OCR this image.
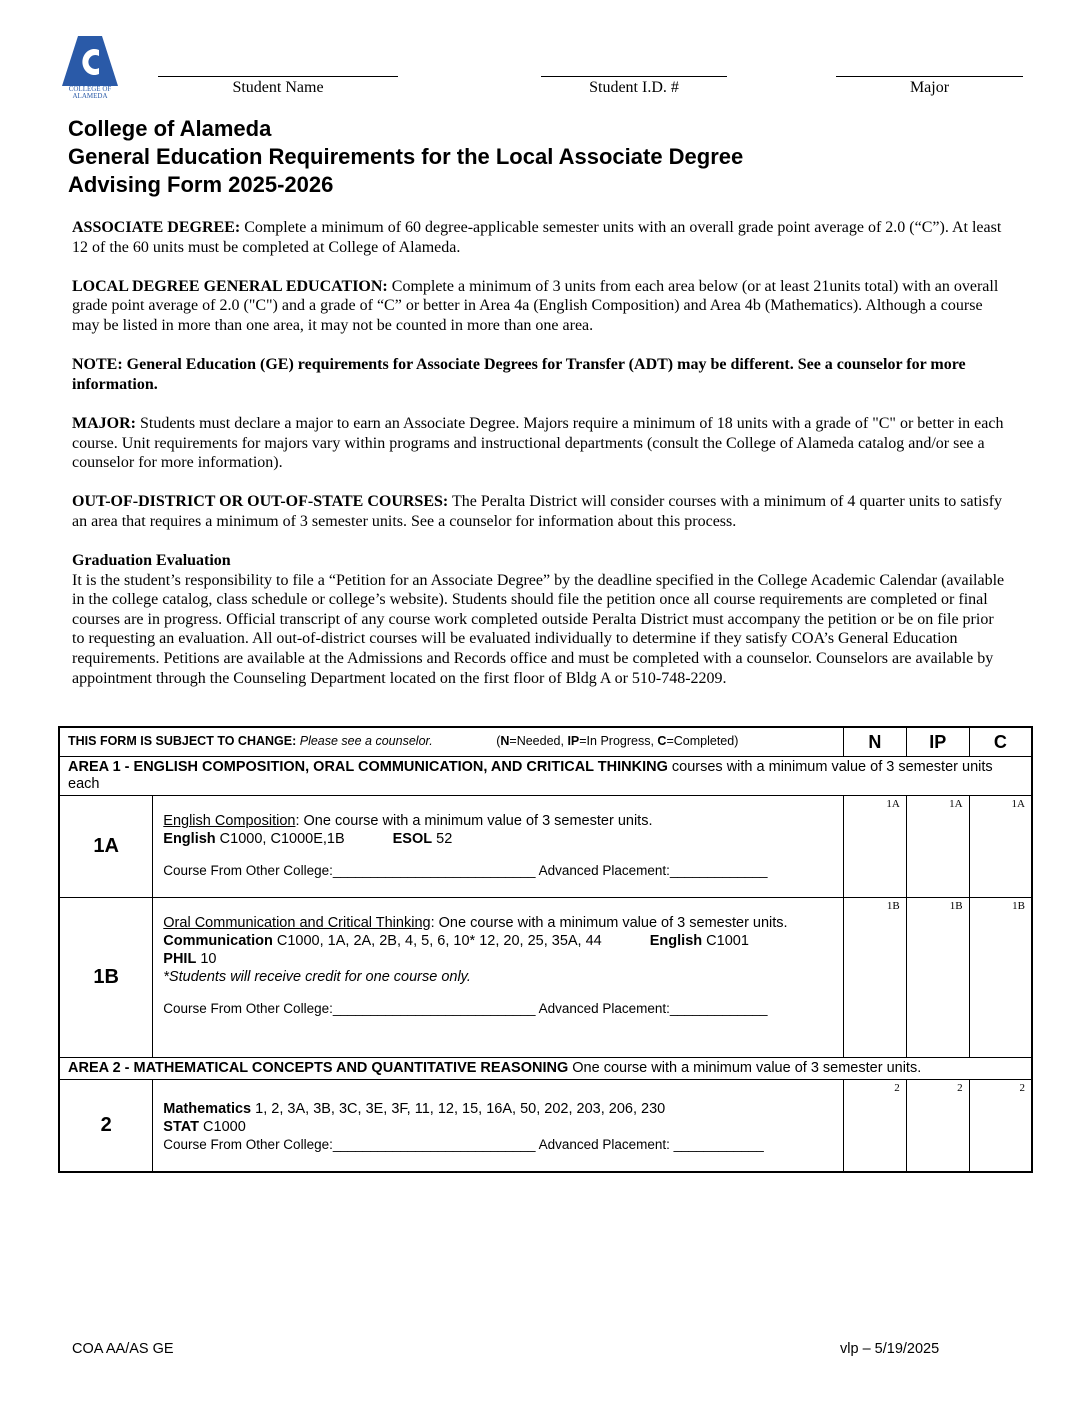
COLLEGE OF
ALAMEDA	Student Name	Student I.D. #	Major
College of Alameda
General Education Requirements for the Local Associate Degree
Advising Form 2025-2026

ASSOCIATE DEGREE: Complete a minimum of 60 degree-applicable semester units with an overall grade point average of 2.0 (“C”). At least 12 of the 60 units must be completed at College of Alameda.

LOCAL DEGREE GENERAL EDUCATION: Complete a minimum of 3 units from each area below (or at least 21units total) with an overall grade point average of 2.0 ("C") and a grade of “C” or better in Area 4a (English Composition) and Area 4b (Mathematics). Although a course may be listed in more than one area, it may not be counted in more than one area.

NOTE: General Education (GE) requirements for Associate Degrees for Transfer (ADT) may be different. See a counselor for more information.

MAJOR: Students must declare a major to earn an Associate Degree. Majors require a minimum of 18 units with a grade of "C" or better in each course. Unit requirements for majors vary within programs and instructional departments (consult the College of Alameda catalog and/or see a counselor for more information).

OUT-OF-DISTRICT OR OUT-OF-STATE COURSES: The Peralta District will consider courses with a minimum of 4 quarter units to satisfy an area that requires a minimum of 3 semester units. See a counselor for information about this process.

Graduation Evaluation
It is the student’s responsibility to file a “Petition for an Associate Degree” by the deadline specified in the College Academic Calendar (available in the college catalog, class schedule or college’s website). Students should file the petition once all course requirements are completed or final courses are in progress. Official transcript of any course work completed outside Peralta District must accompany the petition or be on file prior to requesting an evaluation. All out-of-district courses will be evaluated individually to determine if they satisfy COA’s General Education requirements. Petitions are available at the Admissions and Records office and must be completed with a counselor. Counselors are available by appointment through the Counseling Department located on the first floor of Bldg A or 510-748-2209.

THIS FORM IS SUBJECT TO CHANGE: Please see a counselor. (N=Needed, IP=In Progress, C=Completed)		N	IP	C
AREA 1 - ENGLISH COMPOSITION, ORAL COMMUNICATION, AND CRITICAL THINKING courses with a minimum value of 3 semester units each				
1A	English Composition: One course with a minimum value of 3 semester units.
English C1000, C1000E,1B ESOL 52
Course From Other College:___________________________ Advanced Placement:_____________	1A	1A	1A
1B	Oral Communication and Critical Thinking: One course with a minimum value of 3 semester units.
Communication C1000, 1A, 2A, 2B, 4, 5, 6, 10* 12, 20, 25, 35A, 44 English C1001
PHIL 10
*Students will receive credit for one course only.
Course From Other College:___________________________ Advanced Placement:_____________	1B	1B	1B
AREA 2 - MATHEMATICAL CONCEPTS AND QUANTITATIVE REASONING One course with a minimum value of 3 semester units.				
2	Mathematics 1, 2, 3A, 3B, 3C, 3E, 3F, 11, 12, 15, 16A, 50, 202, 203, 206, 230
STAT C1000
Course From Other College:___________________________ Advanced Placement: ____________	2	2	2
COA AA/AS GE	vlp – 5/19/2025
